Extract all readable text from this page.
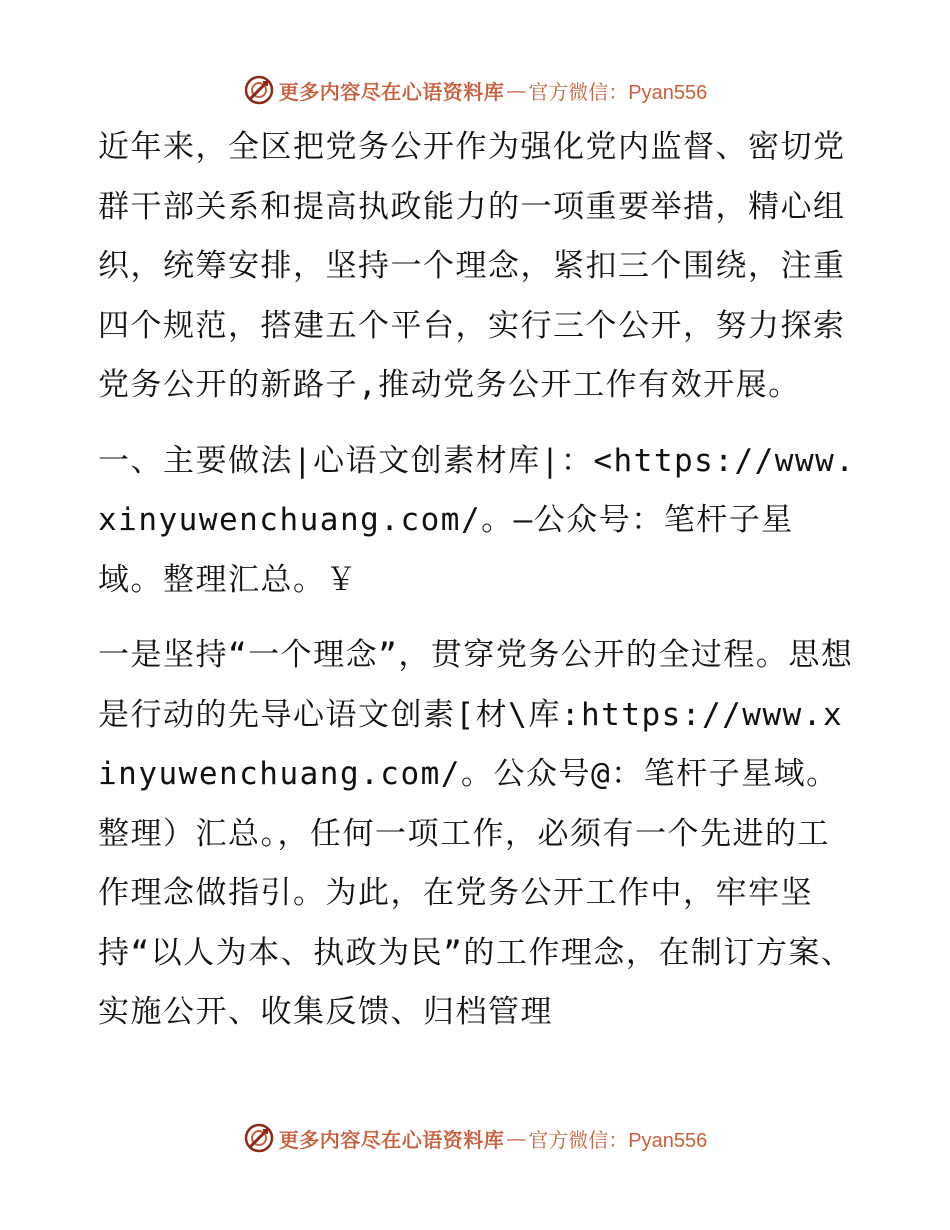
更多内容尽在心语资料库 — 官方微信：Pyan556

近年来，全区把党务公开作为强化党内监督、密切党群干部关系和提高执政能力的一项重要举措，精心组织，统筹安排，坚持一个理念，紧扣三个围绕，注重四个规范，搭建五个平台，实行三个公开，努力探索党务公开的新路子,推动党务公开工作有效开展。

一、主要做法|心语文创素材库|：<https://www.xinyuwenchuang.com/。—公众号：笔杆子星域。整理汇总。￥

一是坚持“一个理念”，贯穿党务公开的全过程。思想是行动的先导心语文创素[材\库:https://www.xinyuwenchuang.com/。公众号@：笔杆子星域。整理）汇总。，任何一项工作，必须有一个先进的工作理念做指引。为此，在党务公开工作中，牢牢坚持“以人为本、执政为民”的工作理念，在制订方案、实施公开、收集反馈、归档管理

更多内容尽在心语资料库 — 官方微信：Pyan556
